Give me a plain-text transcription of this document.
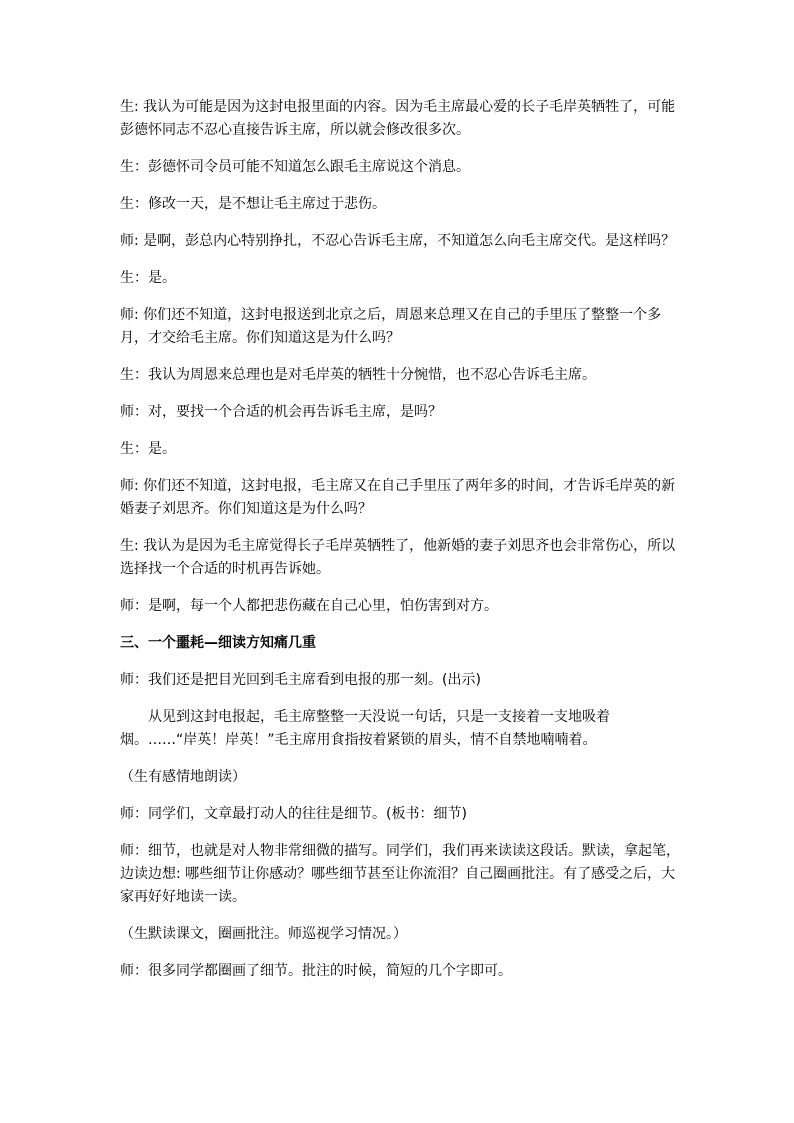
生: 我认为可能是因为这封电报里面的内容。因为毛主席最心爱的长子毛岸英牺牲了，可能彭德怀同志不忍心直接告诉主席，所以就会修改很多次。

生：彭德怀司令员可能不知道怎么跟毛主席说这个消息。

生：修改一天，是不想让毛主席过于悲伤。

师: 是啊，彭总内心特别挣扎，不忍心告诉毛主席，不知道怎么向毛主席交代。是这样吗？

生：是。

师: 你们还不知道，这封电报送到北京之后，周恩来总理又在自己的手里压了整整一个多月，才交给毛主席。你们知道这是为什么吗？

生：我认为周恩来总理也是对毛岸英的牺牲十分惋惜，也不忍心告诉毛主席。

师：对，要找一个合适的机会再告诉毛主席，是吗？

生：是。

师: 你们还不知道，这封电报，毛主席又在自己手里压了两年多的时间，才告诉毛岸英的新婚妻子刘思齐。你们知道这是为什么吗？

生: 我认为是因为毛主席觉得长子毛岸英牺牲了，他新婚的妻子刘思齐也会非常伤心，所以选择找一个合适的时机再告诉她。

师：是啊，每一个人都把悲伤藏在自己心里，怕伤害到对方。

三、一个噩耗—细读方知痛几重

师：我们还是把目光回到毛主席看到电报的那一刻。(出示)

从见到这封电报起，毛主席整整一天没说一句话，只是一支接着一支地吸着烟。……“岸英！岸英！”毛主席用食指按着紧锁的眉头，情不自禁地喃喃着。

（生有感情地朗读）

师：同学们，文章最打动人的往往是细节。(板书：细节)

师：细节，也就是对人物非常细微的描写。同学们，我们再来读读这段话。默读，拿起笔，边读边想: 哪些细节让你感动？哪些细节甚至让你流泪？自己圈画批注。有了感受之后，大家再好好地读一读。

（生默读课文，圈画批注。师巡视学习情况。）

师：很多同学都圈画了细节。批注的时候，简短的几个字即可。
